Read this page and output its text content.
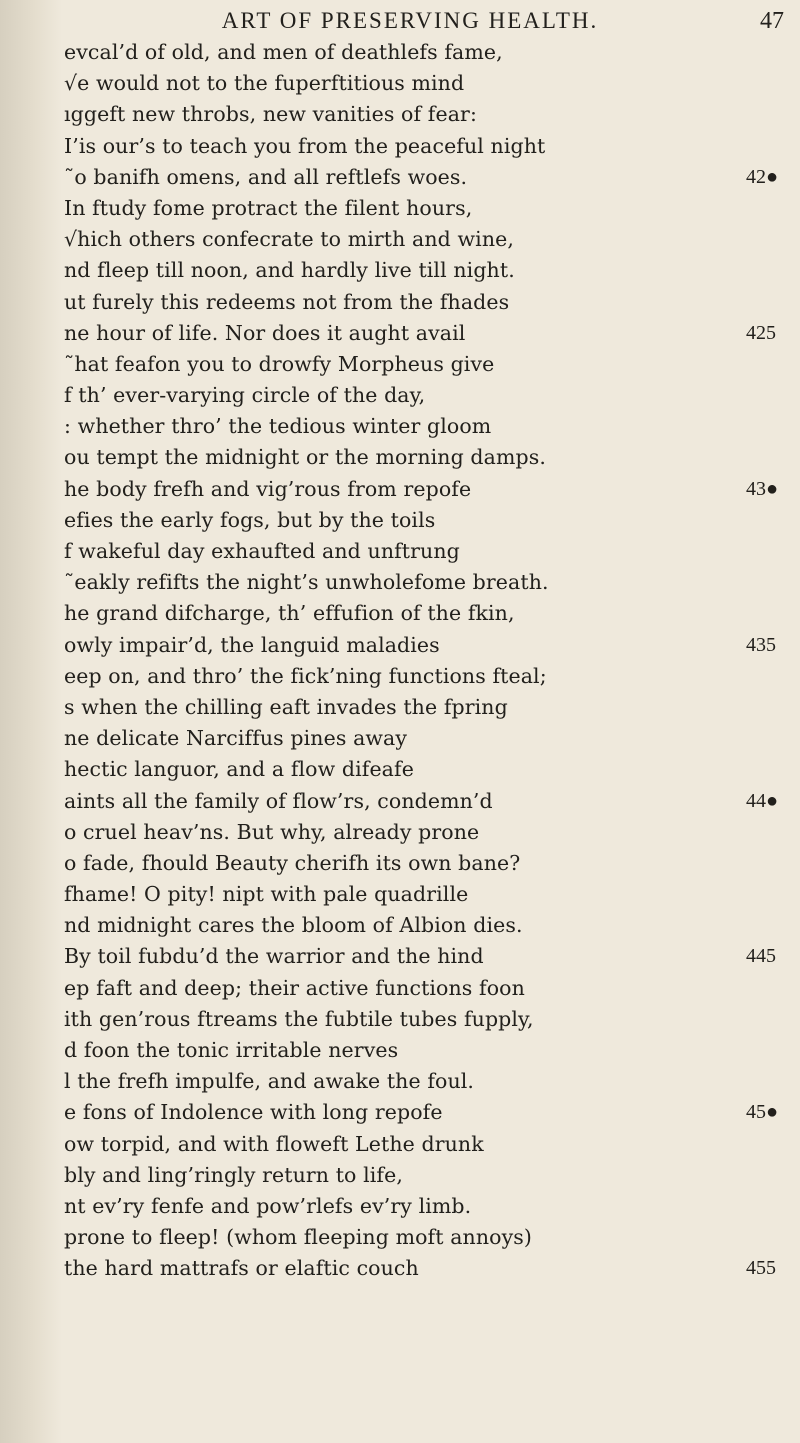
ART OF PRESERVING HEALTH.	47
evcal’d of old, and men of deathlefs fame,
√e would not to the fuperftitious mind
ıggeft new throbs, new vanities of fear:
I’is our’s to teach you from the peaceful night
˜o banifh omens, and all reftlefs woes.	42●
In ftudy fome protract the filent hours,
√hich others confecrate to mirth and wine,
nd fleep till noon, and hardly live till night.
ut furely this redeems not from the fhades
ne hour of life. Nor does it aught avail	425
˜hat feafon you to drowfy Morpheus give
f th’ ever-varying circle of the day,
: whether thro’ the tedious winter gloom
ou tempt the midnight or the morning damps.
he body frefh and vig’rous from repofe	43●
efies the early fogs, but by the toils
f wakeful day exhaufted and unftrung
˜eakly refifts the night’s unwholefome breath.
he grand difcharge, th’ effufion of the fkin,
owly impair’d, the languid maladies	435
eep on, and thro’ the fick’ning functions fteal;
s when the chilling eaft invades the fpring
ne delicate Narciffus pines away
hectic languor, and a flow difeafe
aints all the family of flow’rs, condemn’d	44●
o cruel heav’ns. But why, already prone
o fade, fhould Beauty cherifh its own bane?
fhame! O pity! nipt with pale quadrille
nd midnight cares the bloom of Albion dies.
By toil fubdu’d the warrior and the hind	445
ep faft and deep; their active functions foon
ith gen’rous ftreams the fubtile tubes fupply,
d foon the tonic irritable nerves
l the frefh impulfe, and awake the foul.
e fons of Indolence with long repofe	45●
ow torpid, and with floweft Lethe drunk
bly and ling’ringly return to life,
nt ev’ry fenfe and pow’rlefs ev’ry limb.
prone to fleep! (whom fleeping moft annoys)
the hard mattrafs or elaftic couch	455
